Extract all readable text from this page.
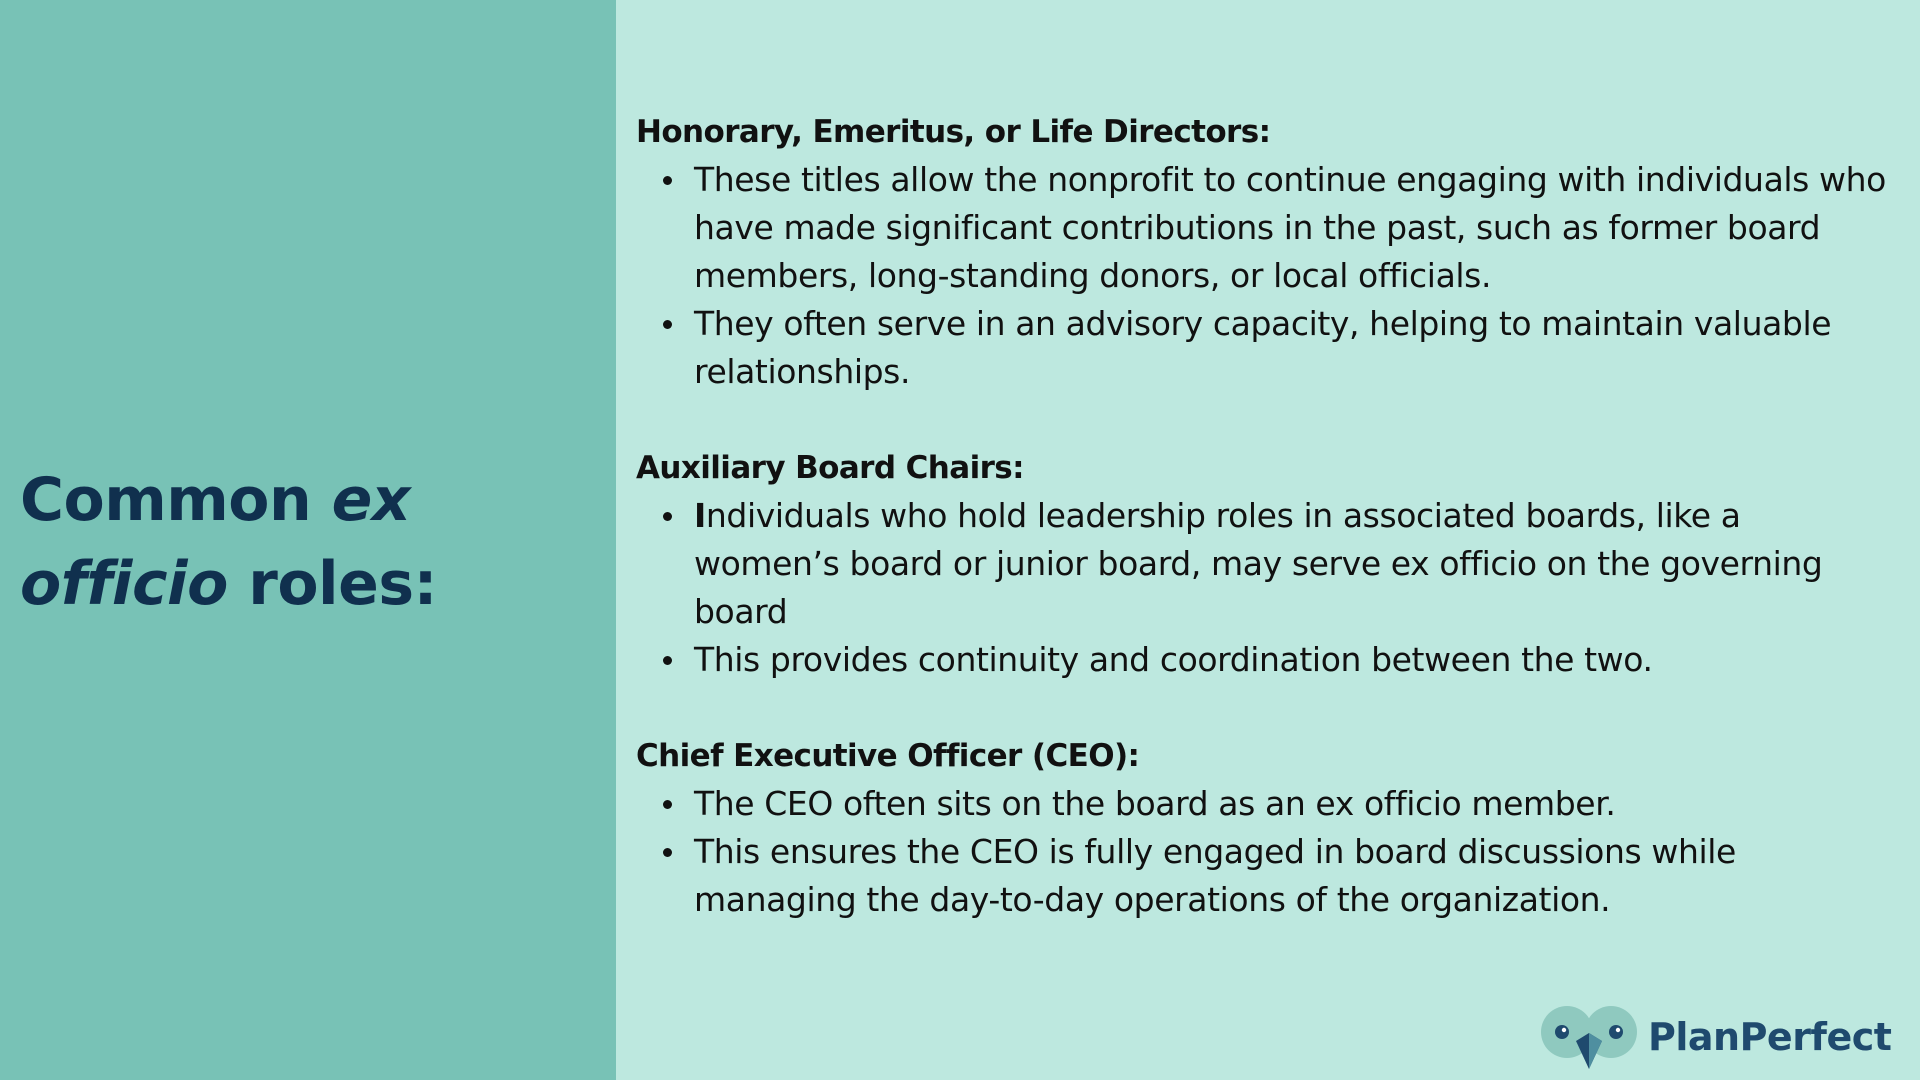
Common ex
officio roles:
Honorary, Emeritus, or Life Directors:
These titles allow the nonprofit to continue engaging with individuals who have made significant contributions in the past, such as former board members, long-standing donors, or local officials.
They often serve in an advisory capacity, helping to maintain valuable relationships.
Auxiliary Board Chairs:
Individuals who hold leadership roles in associated boards, like a women’s board or junior board, may serve ex officio on the governing board
This provides continuity and coordination between the two.
Chief Executive Officer (CEO):
The CEO often sits on the board as an ex officio member.
This ensures the CEO is fully engaged in board discussions while managing the day-to-day operations of the organization.
PlanPerfect
